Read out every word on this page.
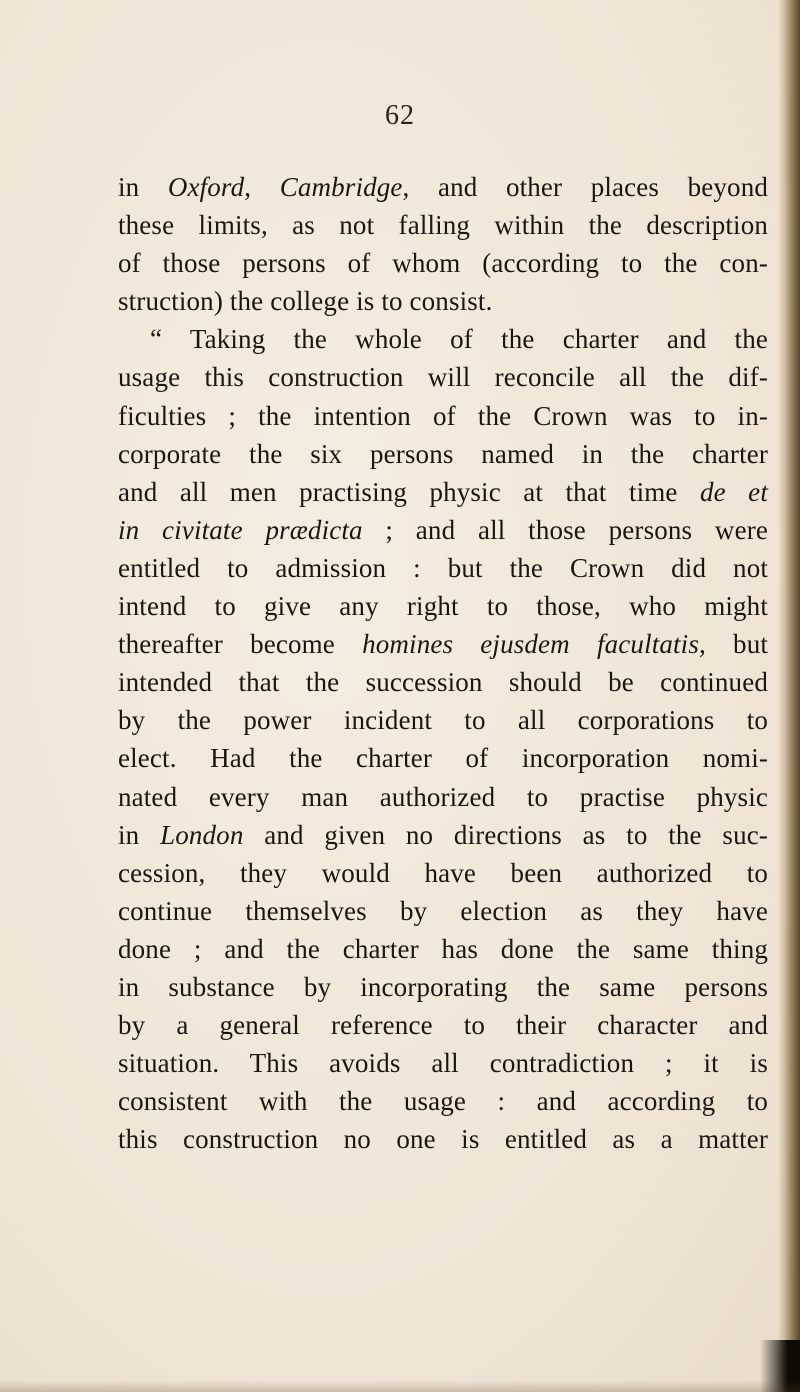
62
in Oxford, Cambridge, and other places beyond
these limits, as not falling within the description
of those persons of whom (according to the con-
struction) the college is to consist.
“ Taking the whole of the charter and the
usage this construction will reconcile all the dif-
ficulties ; the intention of the Crown was to in-
corporate the six persons named in the charter
and all men practising physic at that time de et
in civitate prædicta ; and all those persons were
entitled to admission : but the Crown did not
intend to give any right to those, who might
thereafter become homines ejusdem facultatis, but
intended that the succession should be continued
by the power incident to all corporations to
elect. Had the charter of incorporation nomi-
nated every man authorized to practise physic
in London and given no directions as to the suc-
cession, they would have been authorized to
continue themselves by election as they have
done ; and the charter has done the same thing
in substance by incorporating the same persons
by a general reference to their character and
situation. This avoids all contradiction ; it is
consistent with the usage : and according to
this construction no one is entitled as a matter
